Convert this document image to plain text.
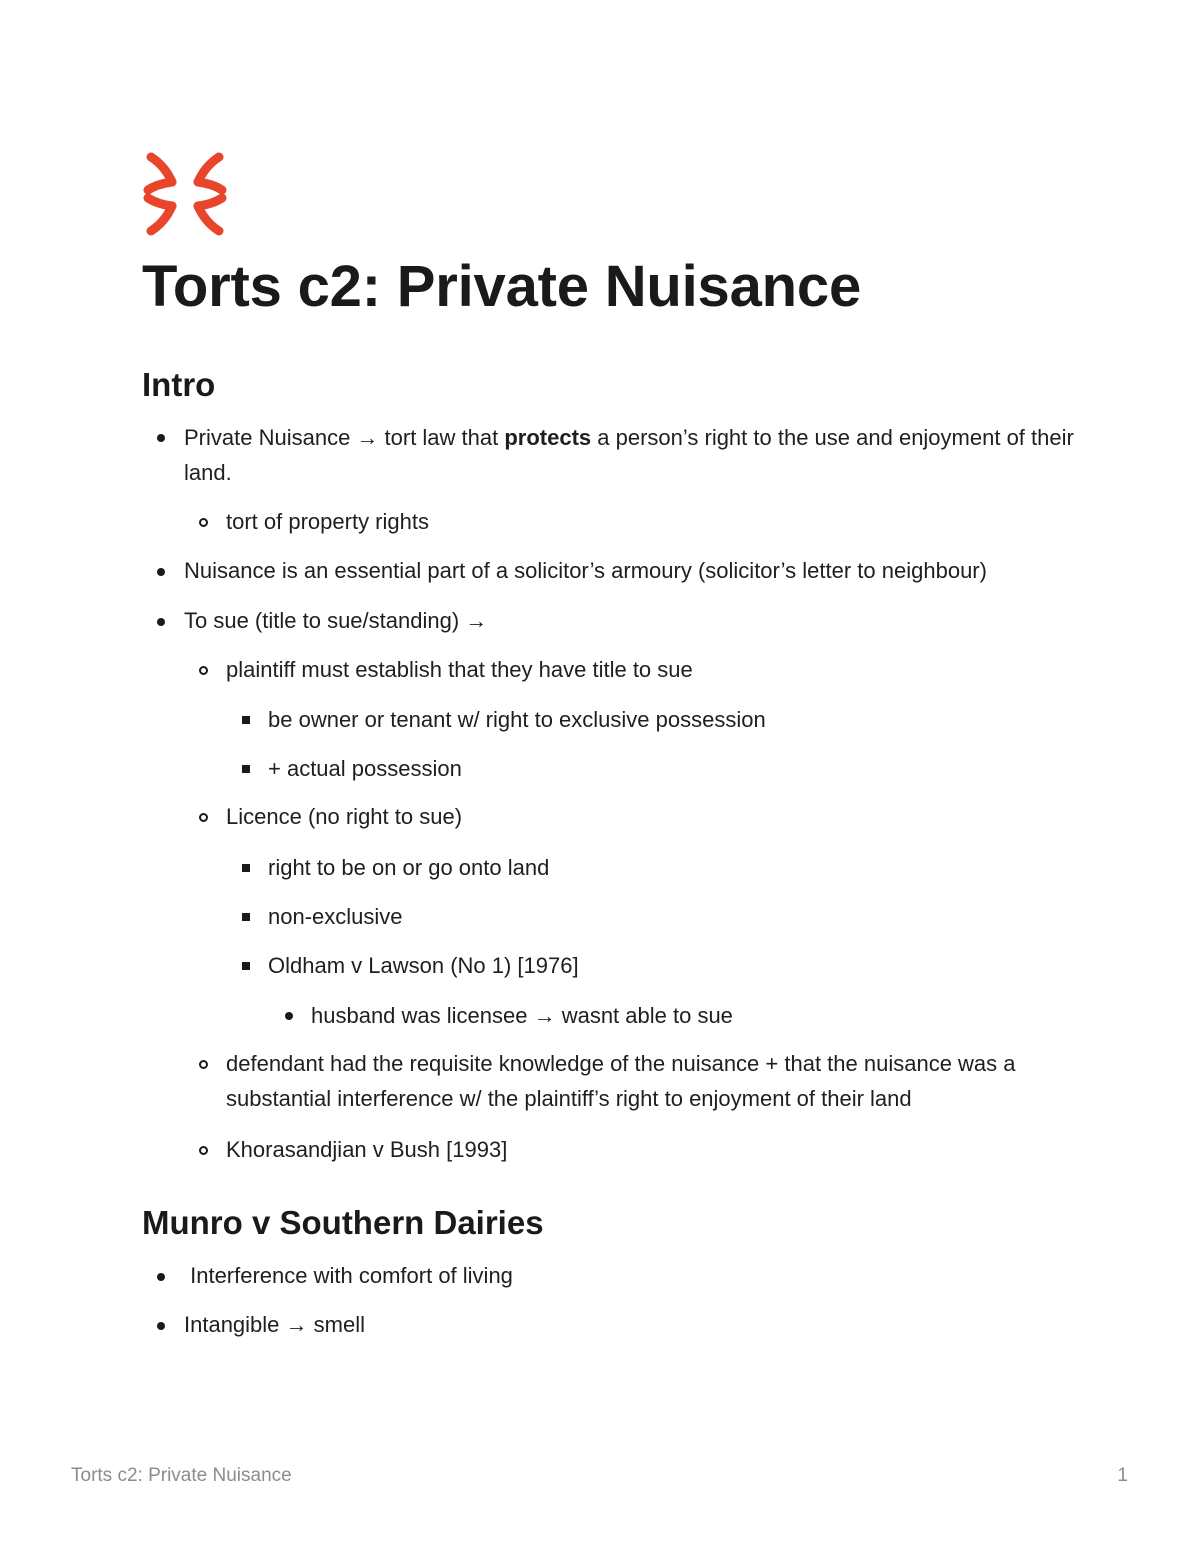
Torts c2: Private Nuisance
Intro

Private Nuisance → tort law that protects a person’s right to the use and enjoyment of their land.

tort of property rights

Nuisance is an essential part of a solicitor’s armoury (solicitor’s letter to neighbour)

To sue (title to sue/standing) →

plaintiff must establish that they have title to sue

be owner or tenant w/ right to exclusive possession

+ actual possession

Licence (no right to sue)

right to be on or go onto land

non-exclusive

Oldham v Lawson (No 1) [1976]

husband was licensee → wasnt able to sue

defendant had the requisite knowledge of the nuisance + that the nuisance was a substantial interference w/ the plaintiff’s right to enjoyment of their land

Khorasandjian v Bush [1993]

Munro v Southern Dairies

Interference with comfort of living

Intangible → smell

Torts c2: Private Nuisance	1
